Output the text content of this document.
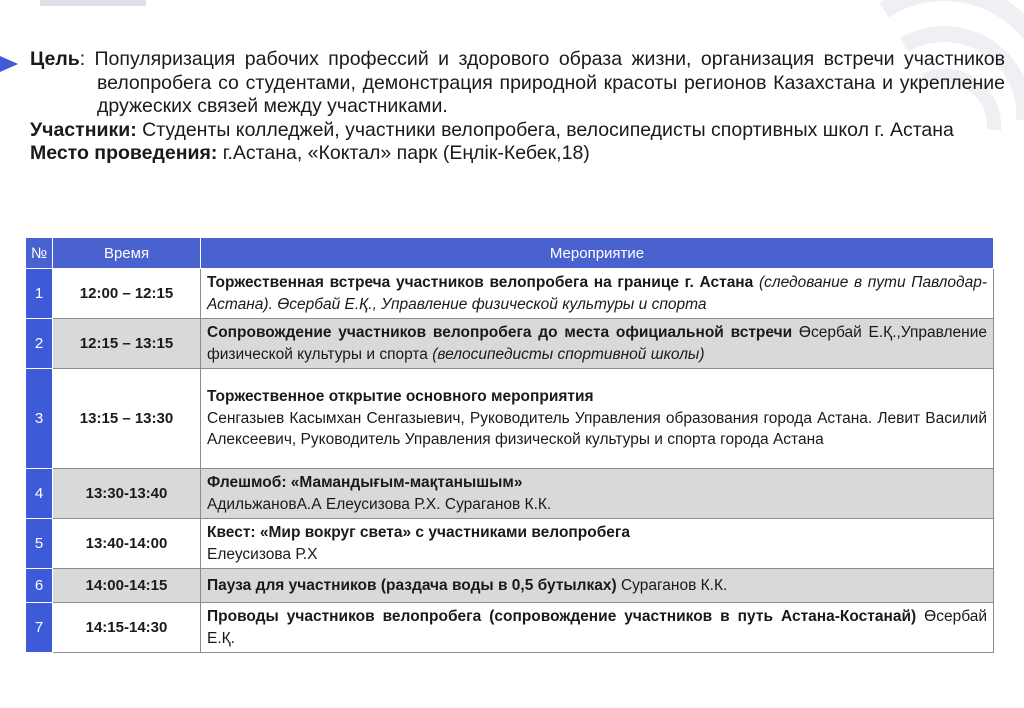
Цель: Популяризация рабочих профессий и здорового образа жизни, организация встречи участников велопробега со студентами, демонстрация природной красоты регионов Казахстана и укрепление дружеских связей между участниками.

Участники: Студенты колледжей, участники велопробега, велосипедисты спортивных школ г. Астана

Место проведения: г.Астана, «Коктал» парк (Еңлік-Кебек,18)

№	Время	Мероприятие
1	12:00 – 12:15	Торжественная встреча участников велопробега на границе г. Астана (следование в пути Павлодар-Астана). Өсербай Е.Қ., Управление физической культуры и спорта
2	12:15 – 13:15	Сопровождение участников велопробега до места официальной встречи Өсербай Е.Қ.,Управление физической культуры и спорта (велосипедисты спортивной школы)
3	13:15 – 13:30	Торжественное открытие основного мероприятия
Сенгазыев Касымхан Сенгазыевич, Руководитель Управления образования города Астана. Левит Василий Алексеевич, Руководитель Управления физической культуры и спорта города Астана
4	13:30-13:40	Флешмоб: «Мамандығым-мақтанышым»
АдильжановА.А Елеусизова Р.Х. Сураганов К.К.
5	13:40-14:00	Квест: «Мир вокруг света» с участниками велопробега
Елеусизова Р.Х
6	14:00-14:15	Пауза для участников (раздача воды в 0,5 бутылках) Сураганов К.К.
7	14:15-14:30	Проводы участников велопробега (сопровождение участников в путь Астана-Костанай) Өсербай Е.Қ.
